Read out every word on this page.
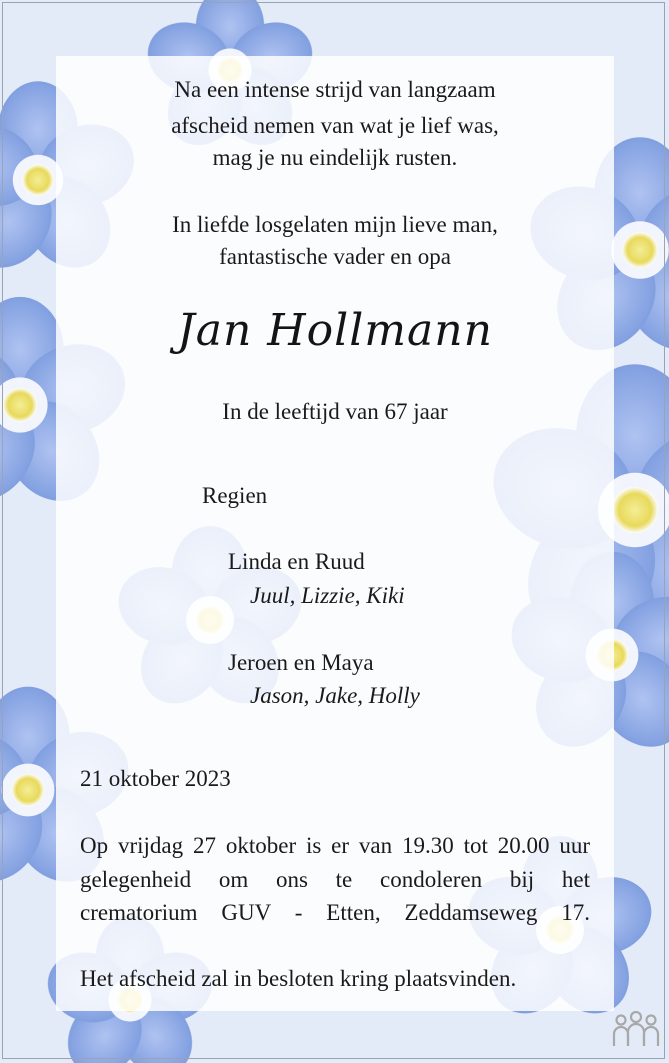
Na een intense strijd van langzaam
afscheid nemen van wat je lief was,
mag je nu eindelijk rusten.
In liefde losgelaten mijn lieve man,
fantastische vader en opa
Jan Hollmann
In de leeftijd van 67 jaar
Regien
Linda en Ruud
Juul, Lizzie, Kiki
Jeroen en Maya
Jason, Jake, Holly
21 oktober 2023
Op vrijdag 27 oktober is er van 19.30 tot 20.00 uur
gelegenheid om ons te condoleren bij het
crematorium GUV - Etten, Zeddamseweg 17.
Het afscheid zal in besloten kring plaatsvinden.
